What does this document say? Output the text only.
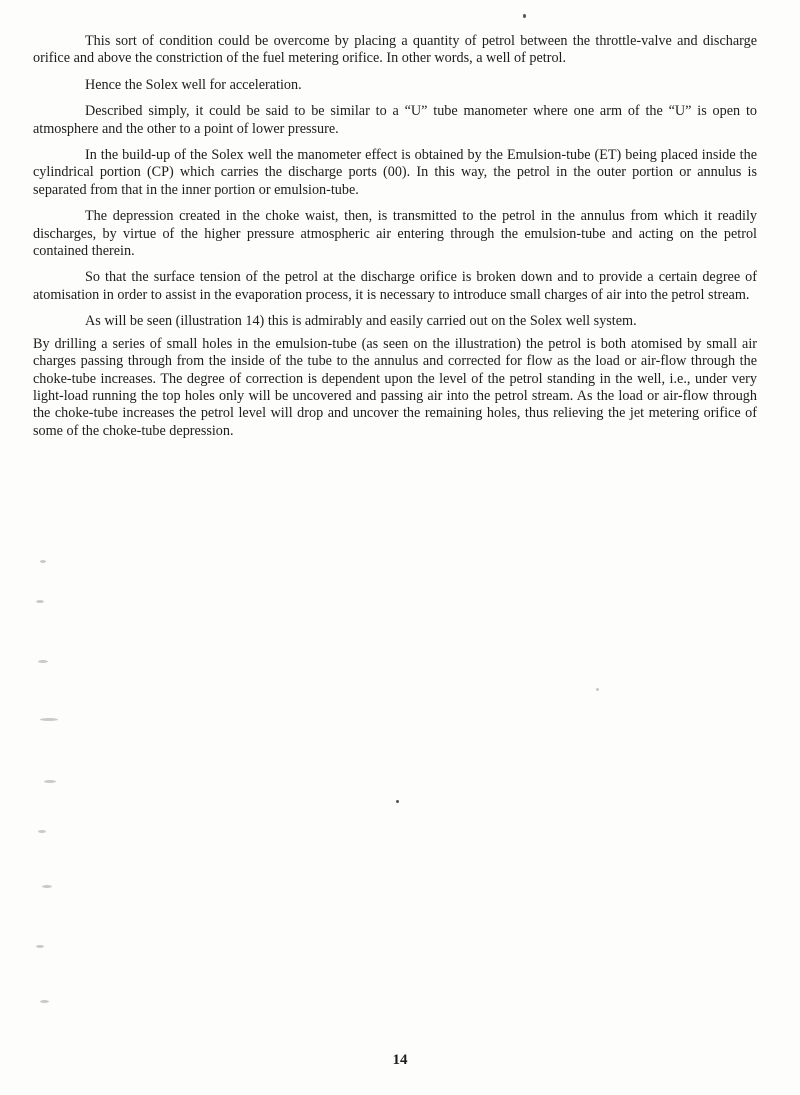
This sort of condition could be overcome by placing a quantity of petrol between the throttle-valve and discharge orifice and above the constriction of the fuel metering orifice. In other words, a well of petrol.

Hence the Solex well for acceleration.

Described simply, it could be said to be similar to a “U” tube manometer where one arm of the “U” is open to atmosphere and the other to a point of lower pressure.

In the build-up of the Solex well the manometer effect is obtained by the Emulsion-tube (ET) being placed inside the cylindrical portion (CP) which carries the discharge ports (00). In this way, the petrol in the outer portion or annulus is separated from that in the inner portion or emulsion-tube.

The depression created in the choke waist, then, is transmitted to the petrol in the annulus from which it readily discharges, by virtue of the higher pressure atmospheric air entering through the emulsion-tube and acting on the petrol contained therein.

So that the surface tension of the petrol at the discharge orifice is broken down and to provide a certain degree of atomisation in order to assist in the evaporation process, it is necessary to introduce small charges of air into the petrol stream.

As will be seen (illustration 14) this is admirably and easily carried out on the Solex well system.

By drilling a series of small holes in the emulsion-tube (as seen on the illustration) the petrol is both atomised by small air charges passing through from the inside of the tube to the annulus and corrected for flow as the load or air-flow through the choke-tube increases. The degree of correction is dependent upon the level of the petrol standing in the well, i.e., under very light-load running the top holes only will be uncovered and passing air into the petrol stream. As the load or air-flow through the choke-tube increases the petrol level will drop and uncover the remaining holes, thus relieving the jet metering orifice of some of the choke-tube depression.

14
